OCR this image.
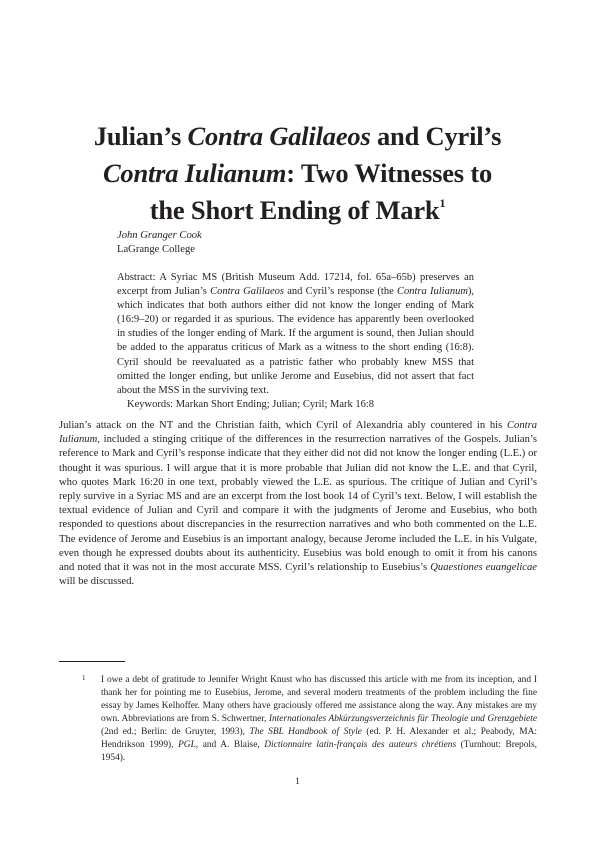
Julian’s Contra Galilaeos and Cyril’s
Contra Iulianum: Two Witnesses to
the Short Ending of Mark$^1$
John Granger Cook
LaGrange College

Abstract: A Syriac MS (British Museum Add. 17214, fol. 65a–65b) preserves an excerpt from Julian’s Contra Galilaeos and Cyril’s response (the Contra Iulianum), which indicates that both authors either did not know the longer ending of Mark (16:9–20) or regarded it as spurious. The evidence has apparently been overlooked in studies of the longer ending of Mark. If the argument is sound, then Julian should be added to the apparatus criticus of Mark as a witness to the short ending (16:8). Cyril should be reevaluated as a patristic father who probably knew MSS that omitted the longer ending, but unlike Jerome and Eusebius, did not assert that fact about the MSS in the surviving text.

Keywords: Markan Short Ending; Julian; Cyril; Mark 16:8

Julian’s attack on the NT and the Christian faith, which Cyril of Alexandria ably countered in his Contra Iulianum, included a stinging critique of the differences in the resurrection narratives of the Gospels. Julian’s reference to Mark and Cyril’s response indicate that they either did not did not know the longer ending (L.E.) or thought it was spurious. I will argue that it is more probable that Julian did not know the L.E. and that Cyril, who quotes Mark 16:20 in one text, probably viewed the L.E. as spurious. The critique of Julian and Cyril’s reply survive in a Syriac MS and are an excerpt from the lost book 14 of Cyril’s text. Below, I will establish the textual evidence of Julian and Cyril and compare it with the judgments of Jerome and Eusebius, who both responded to questions about discrepancies in the resurrection narratives and who both commented on the L.E. The evidence of Jerome and Eusebius is an important analogy, because Jerome included the L.E. in his Vulgate, even though he expressed doubts about its authenticity. Eusebius was bold enough to omit it from his canons and noted that it was not in the most accurate MSS. Cyril’s relationship to Eusebius’s Quaestiones euangelicae will be discussed.

1 I owe a debt of gratitude to Jennifer Wright Knust who has discussed this article with me from its inception, and I thank her for pointing me to Eusebius, Jerome, and several modern treatments of the problem including the fine essay by James Kelhoffer. Many others have graciously offered me assistance along the way. Any mistakes are my own. Abbreviations are from S. Schwertner, Internationales Abkürzungsverzeichnis für Theologie und Grenzgebiete (2nd ed.; Berlin: de Gruyter, 1993), The SBL Handbook of Style (ed. P. H. Alexander et al.; Peabody, MA: Hendrikson 1999), PGL, and A. Blaise, Dictionnaire latin-français des auteurs chrétiens (Turnhout: Brepols, 1954).
1
